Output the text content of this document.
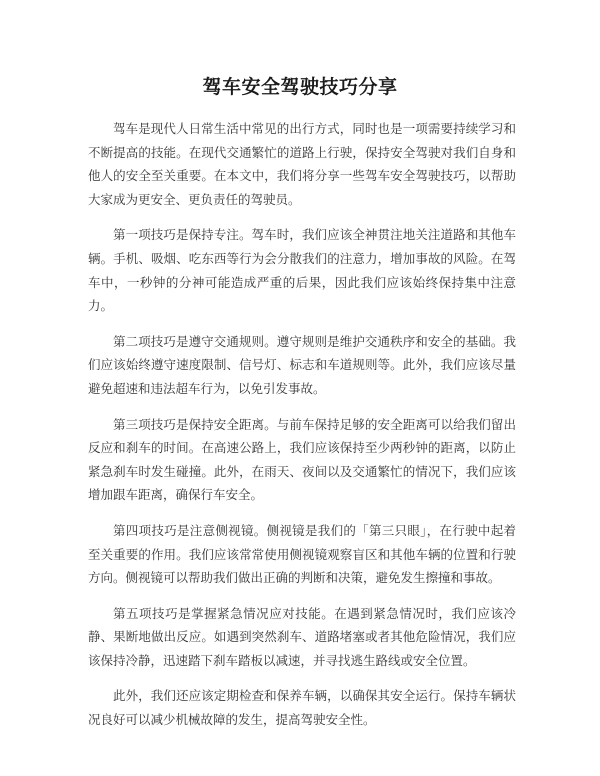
驾车安全驾驶技巧分享

驾车是现代人日常生活中常见的出行方式，同时也是一项需要持续学习和不断提高的技能。在现代交通繁忙的道路上行驶，保持安全驾驶对我们自身和他人的安全至关重要。在本文中，我们将分享一些驾车安全驾驶技巧，以帮助大家成为更安全、更负责任的驾驶员。

第一项技巧是保持专注。驾车时，我们应该全神贯注地关注道路和其他车辆。手机、吸烟、吃东西等行为会分散我们的注意力，增加事故的风险。在驾车中，一秒钟的分神可能造成严重的后果，因此我们应该始终保持集中注意力。

第二项技巧是遵守交通规则。遵守规则是维护交通秩序和安全的基础。我们应该始终遵守速度限制、信号灯、标志和车道规则等。此外，我们应该尽量避免超速和违法超车行为，以免引发事故。

第三项技巧是保持安全距离。与前车保持足够的安全距离可以给我们留出反应和刹车的时间。在高速公路上，我们应该保持至少两秒钟的距离，以防止紧急刹车时发生碰撞。此外，在雨天、夜间以及交通繁忙的情况下，我们应该增加跟车距离，确保行车安全。

第四项技巧是注意侧视镜。侧视镜是我们的「第三只眼」，在行驶中起着至关重要的作用。我们应该常常使用侧视镜观察盲区和其他车辆的位置和行驶方向。侧视镜可以帮助我们做出正确的判断和决策，避免发生擦撞和事故。

第五项技巧是掌握紧急情况应对技能。在遇到紧急情况时，我们应该冷静、果断地做出反应。如遇到突然刹车、道路堵塞或者其他危险情况，我们应该保持冷静，迅速踏下刹车踏板以减速，并寻找逃生路线或安全位置。

此外，我们还应该定期检查和保养车辆，以确保其安全运行。保持车辆状况良好可以减少机械故障的发生，提高驾驶安全性。
